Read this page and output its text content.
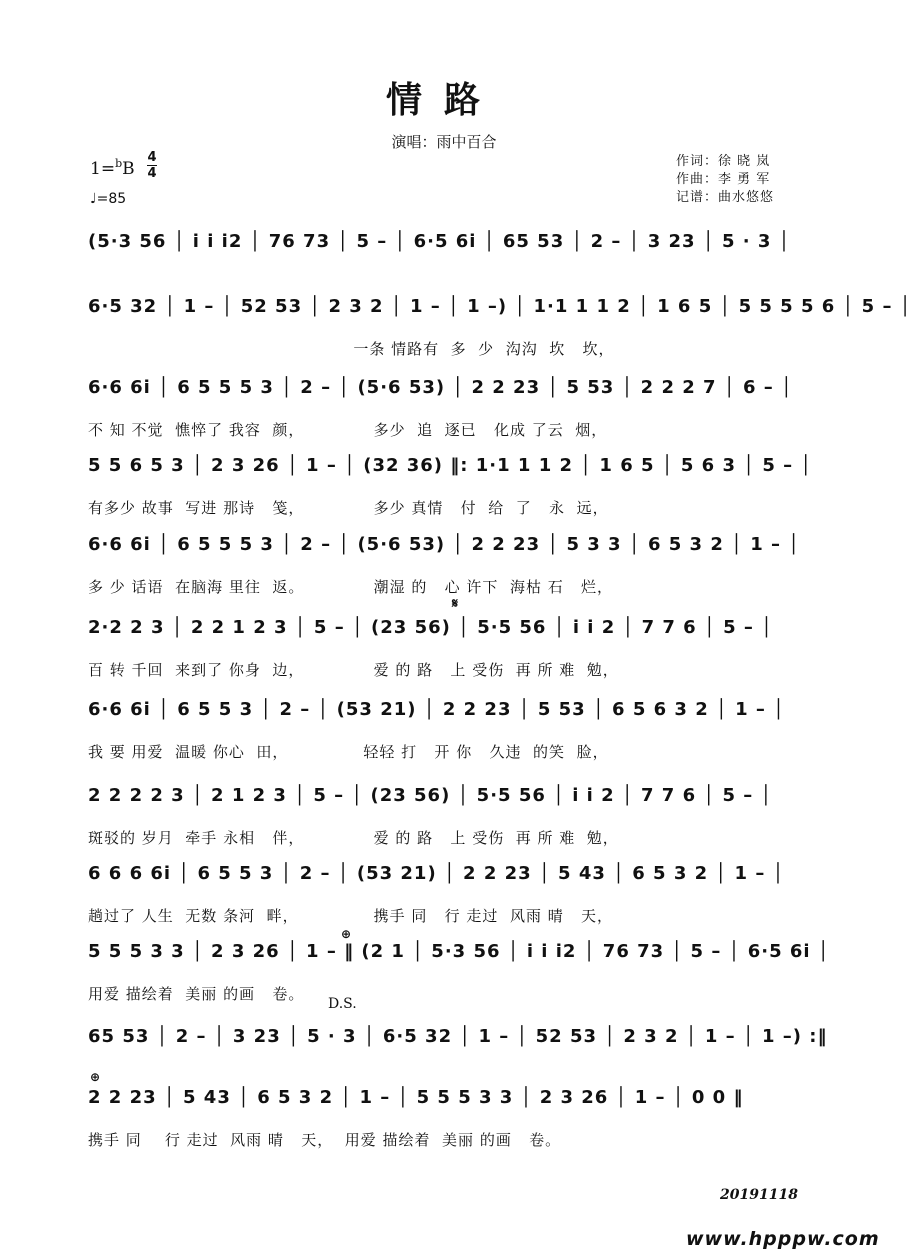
情路
演唱：雨中百合
1=$^b$B
4
4
♩=85
作词：徐 晓 岚
作曲：李 勇 军
记谱：曲水悠悠
(5·3 56 │ i i i2 │ 76 73 │ 5 – │ 6·5 6i │ 65 53 │ 2 – │ 3 23 │ 5 · 3 │
6·5 32 │ 1 – │ 52 53 │ 2 3 2 │ 1 – │ 1 –) │ 1·1 1 1 2 │ 1 6 5 │ 5 5 5 5 6 │ 5 – │
一条 情路有  多  少  沟沟  坎   坎，
6·6 6i │ 6 5 5 5 3 │ 2 – │ (5·6 53) │ 2 2 23 │ 5 53 │ 2 2 2 7 │ 6 – │
不 知 不觉  憔悴了 我容  颜，            多少  追  逐已   化成 了云  烟，
5 5 6 5 3 │ 2 3 26 │ 1 – │ (32 36) ‖: 1·1 1 1 2 │ 1 6 5 │ 5 6 3 │ 5 – │
有多少 故事  写进 那诗   笺，            多少 真情   付  给  了   永  远，
6·6 6i │ 6 5 5 5 3 │ 2 – │ (5·6 53) │ 2 2 23 │ 5 3 3 │ 6 5 3 2 │ 1 – │
多 少 话语  在脑海 里往  返。            潮湿 的   心 许下  海枯 石   烂，
𝄋
2·2 2 3 │ 2 2 1 2 3 │ 5 – │ (23 56) │ 5·5 56 │ i i 2 │ 7 7 6 │ 5 – │
百 转 千回  来到了 你身  边，            爱 的 路   上 受伤  再 所 难  勉，
6·6 6i │ 6 5 5 3 │ 2 – │ (53 21) │ 2 2 23 │ 5 53 │ 6 5 6 3 2 │ 1 – │
我 要 用爱  温暖 你心  田，             轻轻 打   开 你   久违  的笑  脸，
2 2 2 2 3 │ 2 1 2 3 │ 5 – │ (23 56) │ 5·5 56 │ i i 2 │ 7 7 6 │ 5 – │
斑驳的 岁月  牵手 永相   伴，            爱 的 路   上 受伤  再 所 难  勉，
6 6 6 6i │ 6 5 5 3 │ 2 – │ (53 21) │ 2 2 23 │ 5 43 │ 6 5 3 2 │ 1 – │
趟过了 人生  无数 条河  畔，             携手 同   行 走过  风雨 晴   天，
⊕
5 5 5 3 3 │ 2 3 26 │ 1 – ‖ (2 1 │ 5·3 56 │ i i i2 │ 76 73 │ 5 – │ 6·5 6i │
用爱 描绘着  美丽 的画   卷。
D.S.
65 53 │ 2 – │ 3 23 │ 5 · 3 │ 6·5 32 │ 1 – │ 52 53 │ 2 3 2 │ 1 – │ 1 –) :‖
⊕
2 2 23 │ 5 43 │ 6 5 3 2 │ 1 – │ 5 5 5 3 3 │ 2 3 26 │ 1 – │ 0 0 ‖
携手 同    行 走过  风雨 晴   天，  用爱 描绘着  美丽 的画   卷。
20191118
www.hpppw.com
